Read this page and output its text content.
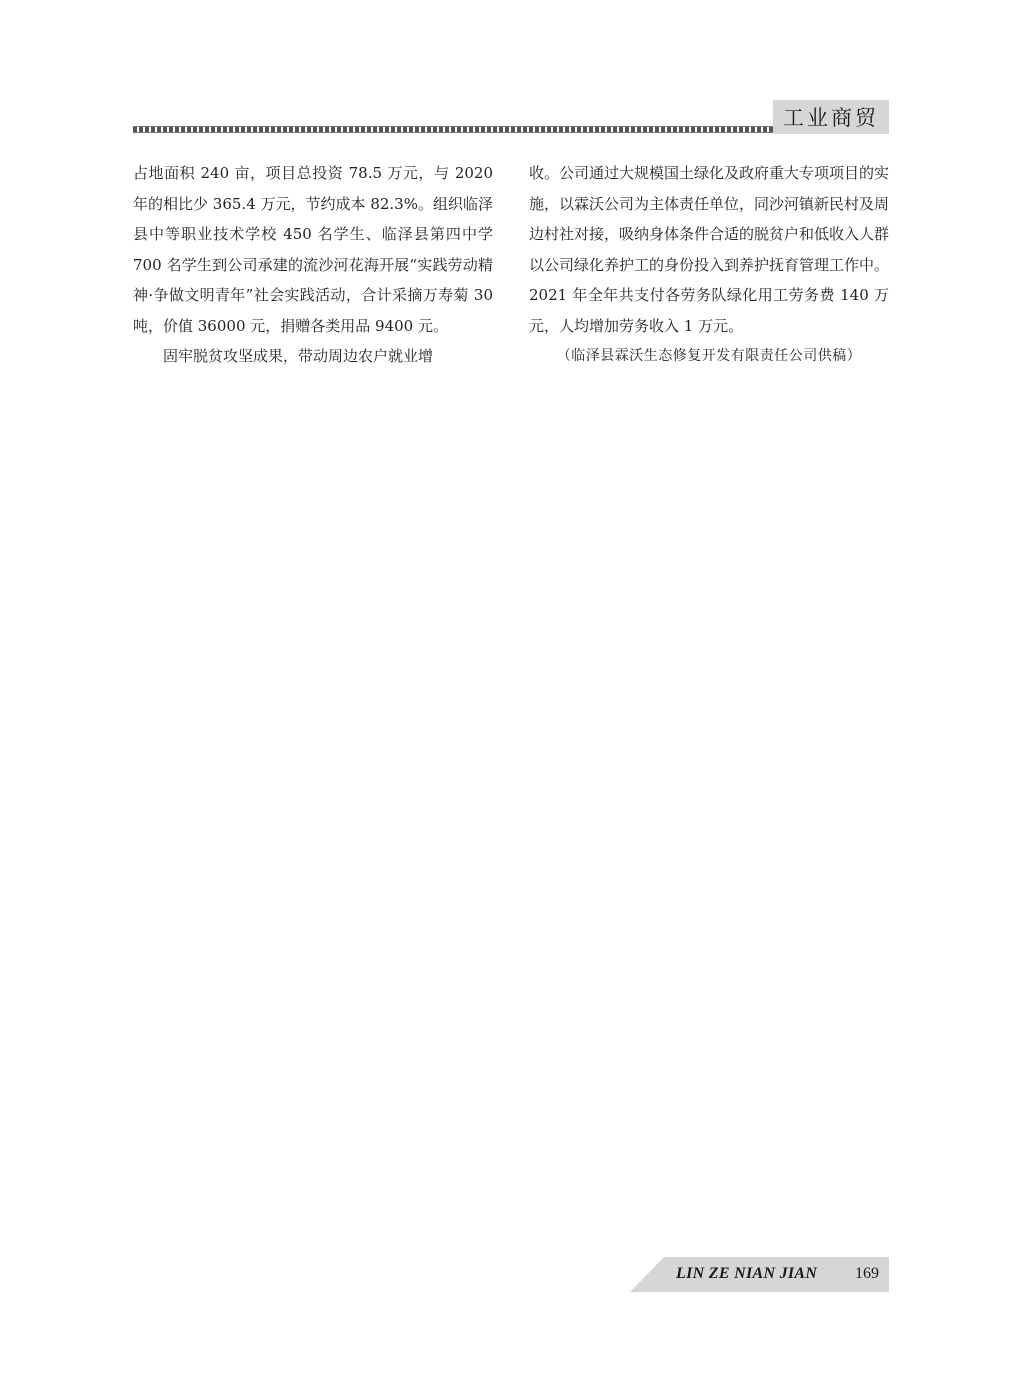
工业商贸

占地面积 240 亩，项目总投资 78.5 万元，与 2020 年的相比少 365.4 万元，节约成本 82.3%。组织临泽县中等职业技术学校 450 名学生、临泽县第四中学 700 名学生到公司承建的流沙河花海开展“实践劳动精神·争做文明青年”社会实践活动，合计采摘万寿菊 30 吨，价值 36000 元，捐赠各类用品 9400 元。

固牢脱贫攻坚成果，带动周边农户就业增

收。公司通过大规模国土绿化及政府重大专项项目的实施，以霖沃公司为主体责任单位，同沙河镇新民村及周边村社对接，吸纳身体条件合适的脱贫户和低收入人群以公司绿化养护工的身份投入到养护抚育管理工作中。2021 年全年共支付各劳务队绿化用工劳务费 140 万元，人均增加劳务收入 1 万元。

（临泽县霖沃生态修复开发有限责任公司供稿）

LIN ZE NIAN JIAN 169
